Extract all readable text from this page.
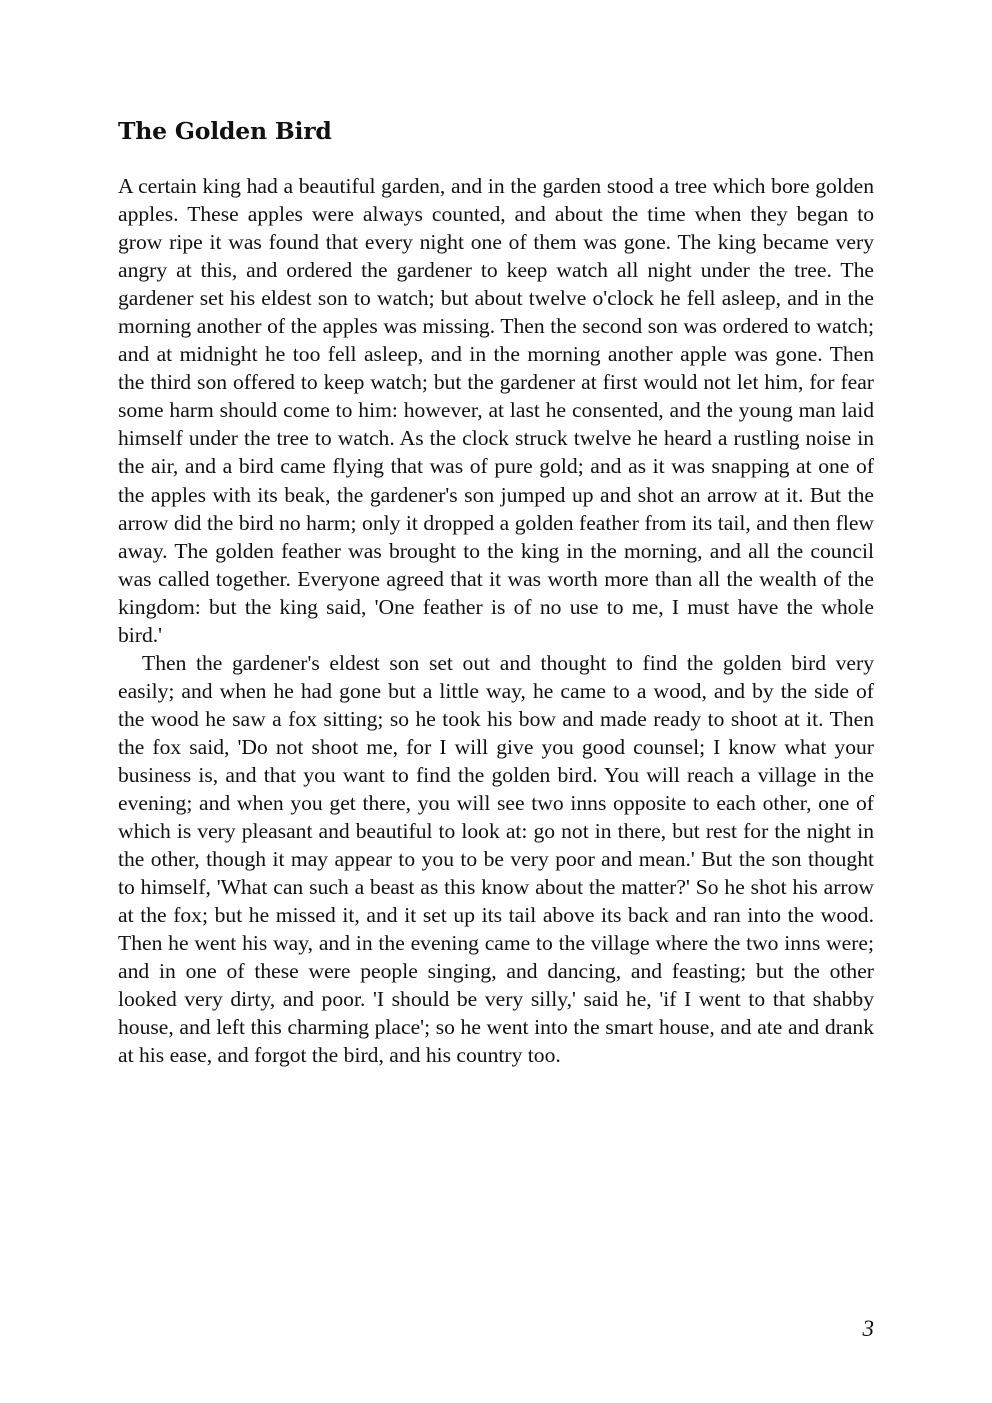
The Golden Bird

A certain king had a beautiful garden, and in the garden stood a tree which bore golden apples. These apples were always counted, and about the time when they began to grow ripe it was found that every night one of them was gone. The king became very angry at this, and ordered the gardener to keep watch all night under the tree. The gardener set his eldest son to watch; but about twelve o'clock he fell asleep, and in the morning another of the apples was missing. Then the second son was ordered to watch; and at midnight he too fell asleep, and in the morning another apple was gone. Then the third son offered to keep watch; but the gardener at first would not let him, for fear some harm should come to him: however, at last he consented, and the young man laid himself under the tree to watch. As the clock struck twelve he heard a rustling noise in the air, and a bird came flying that was of pure gold; and as it was snapping at one of the apples with its beak, the gardener's son jumped up and shot an arrow at it. But the arrow did the bird no harm; only it dropped a golden feather from its tail, and then flew away. The golden feather was brought to the king in the morning, and all the council was called together. Everyone agreed that it was worth more than all the wealth of the kingdom: but the king said, 'One feather is of no use to me, I must have the whole bird.'

Then the gardener's eldest son set out and thought to find the golden bird very easily; and when he had gone but a little way, he came to a wood, and by the side of the wood he saw a fox sitting; so he took his bow and made ready to shoot at it. Then the fox said, 'Do not shoot me, for I will give you good counsel; I know what your business is, and that you want to find the golden bird. You will reach a village in the evening; and when you get there, you will see two inns opposite to each other, one of which is very pleasant and beautiful to look at: go not in there, but rest for the night in the other, though it may appear to you to be very poor and mean.' But the son thought to himself, 'What can such a beast as this know about the matter?' So he shot his arrow at the fox; but he missed it, and it set up its tail above its back and ran into the wood. Then he went his way, and in the evening came to the village where the two inns were; and in one of these were people singing, and dancing, and feasting; but the other looked very dirty, and poor. 'I should be very silly,' said he, 'if I went to that shabby house, and left this charming place'; so he went into the smart house, and ate and drank at his ease, and forgot the bird, and his country too.

3
